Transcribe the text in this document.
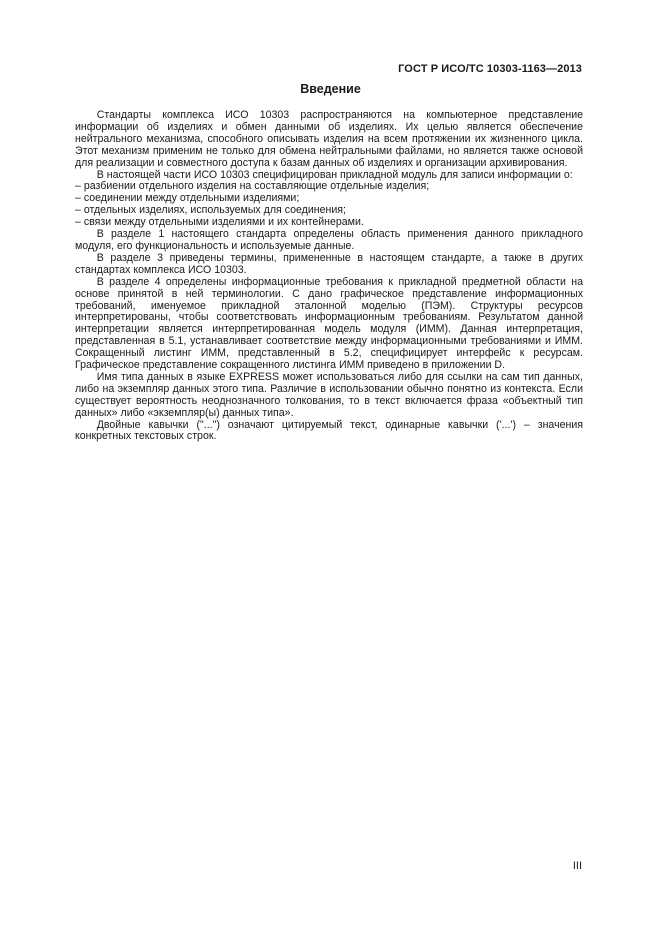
ГОСТ Р ИСО/ТС 10303-1163—2013
Введение

Стандарты комплекса ИСО 10303 распространяются на компьютерное представление информации об изделиях и обмен данными об изделиях. Их целью является обеспечение нейтрального механизма, способного описывать изделия на всем протяжении их жизненного цикла. Этот механизм применим не только для обмена нейтральными файлами, но является также основой для реализации и совместного доступа к базам данных об изделиях и организации архивирования.

В настоящей части ИСО 10303 специфицирован прикладной модуль для записи информации о:

– разбиении отдельного изделия на составляющие отдельные изделия;

– соединении между отдельными изделиями;

– отдельных изделиях, используемых для соединения;

– связи между отдельными изделиями и их контейнерами.

В разделе 1 настоящего стандарта определены область применения данного прикладного модуля, его функциональность и используемые данные.

В разделе 3 приведены термины, примененные в настоящем стандарте, а также в других стандартах комплекса ИСО 10303.

В разделе 4 определены информационные требования к прикладной предметной области на основе принятой в ней терминологии. С дано графическое представление информационных требований, именуемое прикладной эталонной моделью (ПЭМ). Структуры ресурсов интерпретированы, чтобы соответствовать информационным требованиям. Результатом данной интерпретации является интерпретированная модель модуля (ИММ). Данная интерпретация, представленная в 5.1, устанавливает соответствие между информационными требованиями и ИММ. Сокращенный листинг ИММ, представленный в 5.2, специфицирует интерфейс к ресурсам. Графическое представление сокращенного листинга ИММ приведено в приложении D.

Имя типа данных в языке EXPRESS может использоваться либо для ссылки на сам тип данных, либо на экземпляр данных этого типа. Различие в использовании обычно понятно из контекста. Если существует вероятность неоднозначного толкования, то в текст включается фраза «объектный тип данных» либо «экземпляр(ы) данных типа».

Двойные кавычки ("...") означают цитируемый текст, одинарные кавычки ('...') – значения конкретных текстовых строк.

III
